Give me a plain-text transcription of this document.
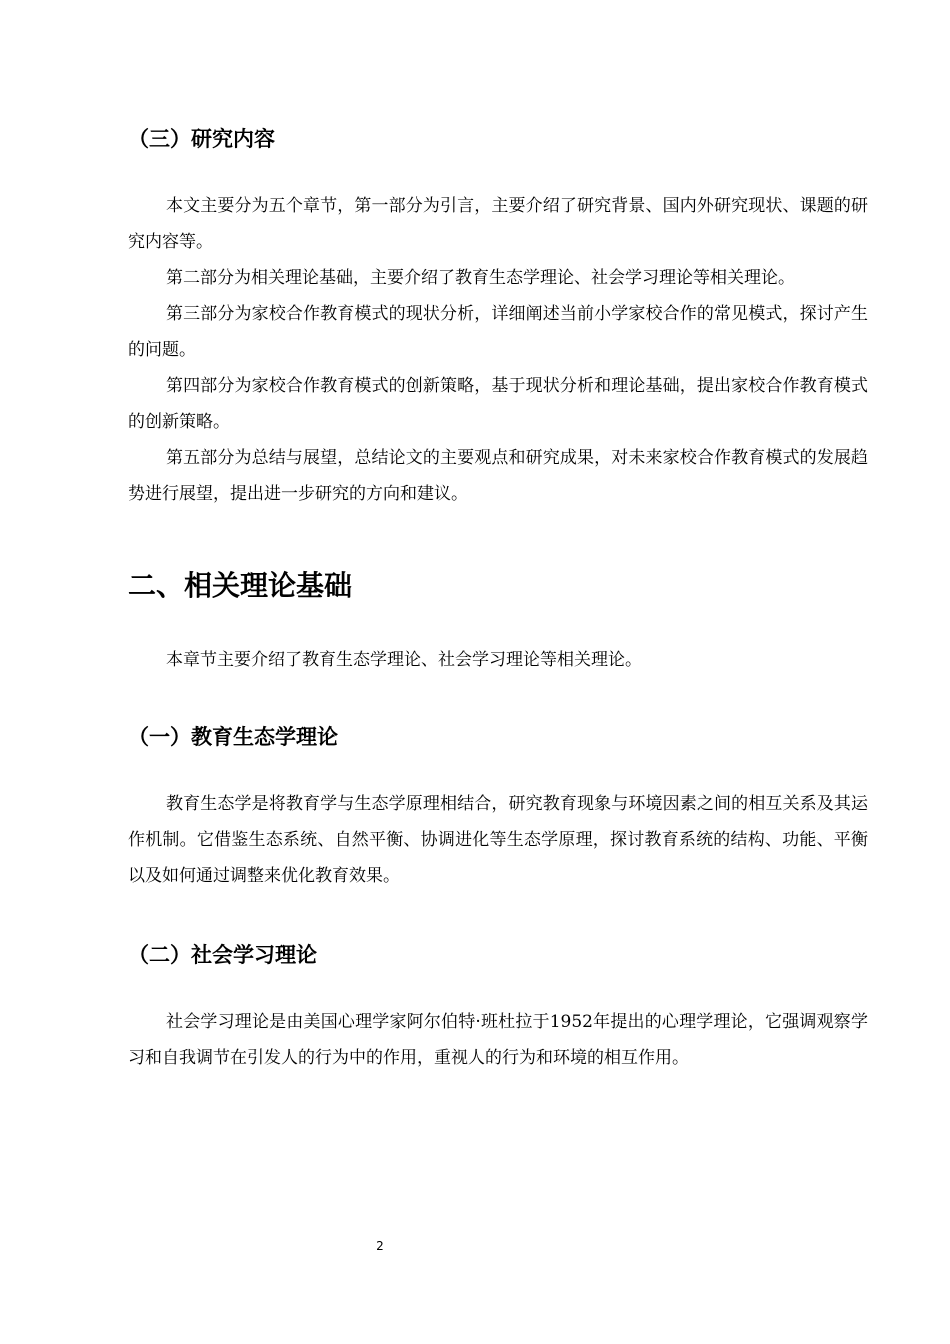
（三）研究内容

本文主要分为五个章节，第一部分为引言，主要介绍了研究背景、国内外研究现状、课题的研究内容等。

第二部分为相关理论基础，主要介绍了教育生态学理论、社会学习理论等相关理论。

第三部分为家校合作教育模式的现状分析，详细阐述当前小学家校合作的常见模式，探讨产生的问题。

第四部分为家校合作教育模式的创新策略，基于现状分析和理论基础，提出家校合作教育模式的创新策略。

第五部分为总结与展望，总结论文的主要观点和研究成果，对未来家校合作教育模式的发展趋势进行展望，提出进一步研究的方向和建议。

二、相关理论基础

本章节主要介绍了教育生态学理论、社会学习理论等相关理论。

（一）教育生态学理论

教育生态学是将教育学与生态学原理相结合，研究教育现象与环境因素之间的相互关系及其运作机制。它借鉴生态系统、自然平衡、协调进化等生态学原理，探讨教育系统的结构、功能、平衡以及如何通过调整来优化教育效果。

（二）社会学习理论

社会学习理论是由美国心理学家阿尔伯特·班杜拉于1952年提出的心理学理论，它强调观察学习和自我调节在引发人的行为中的作用，重视人的行为和环境的相互作用。

2
